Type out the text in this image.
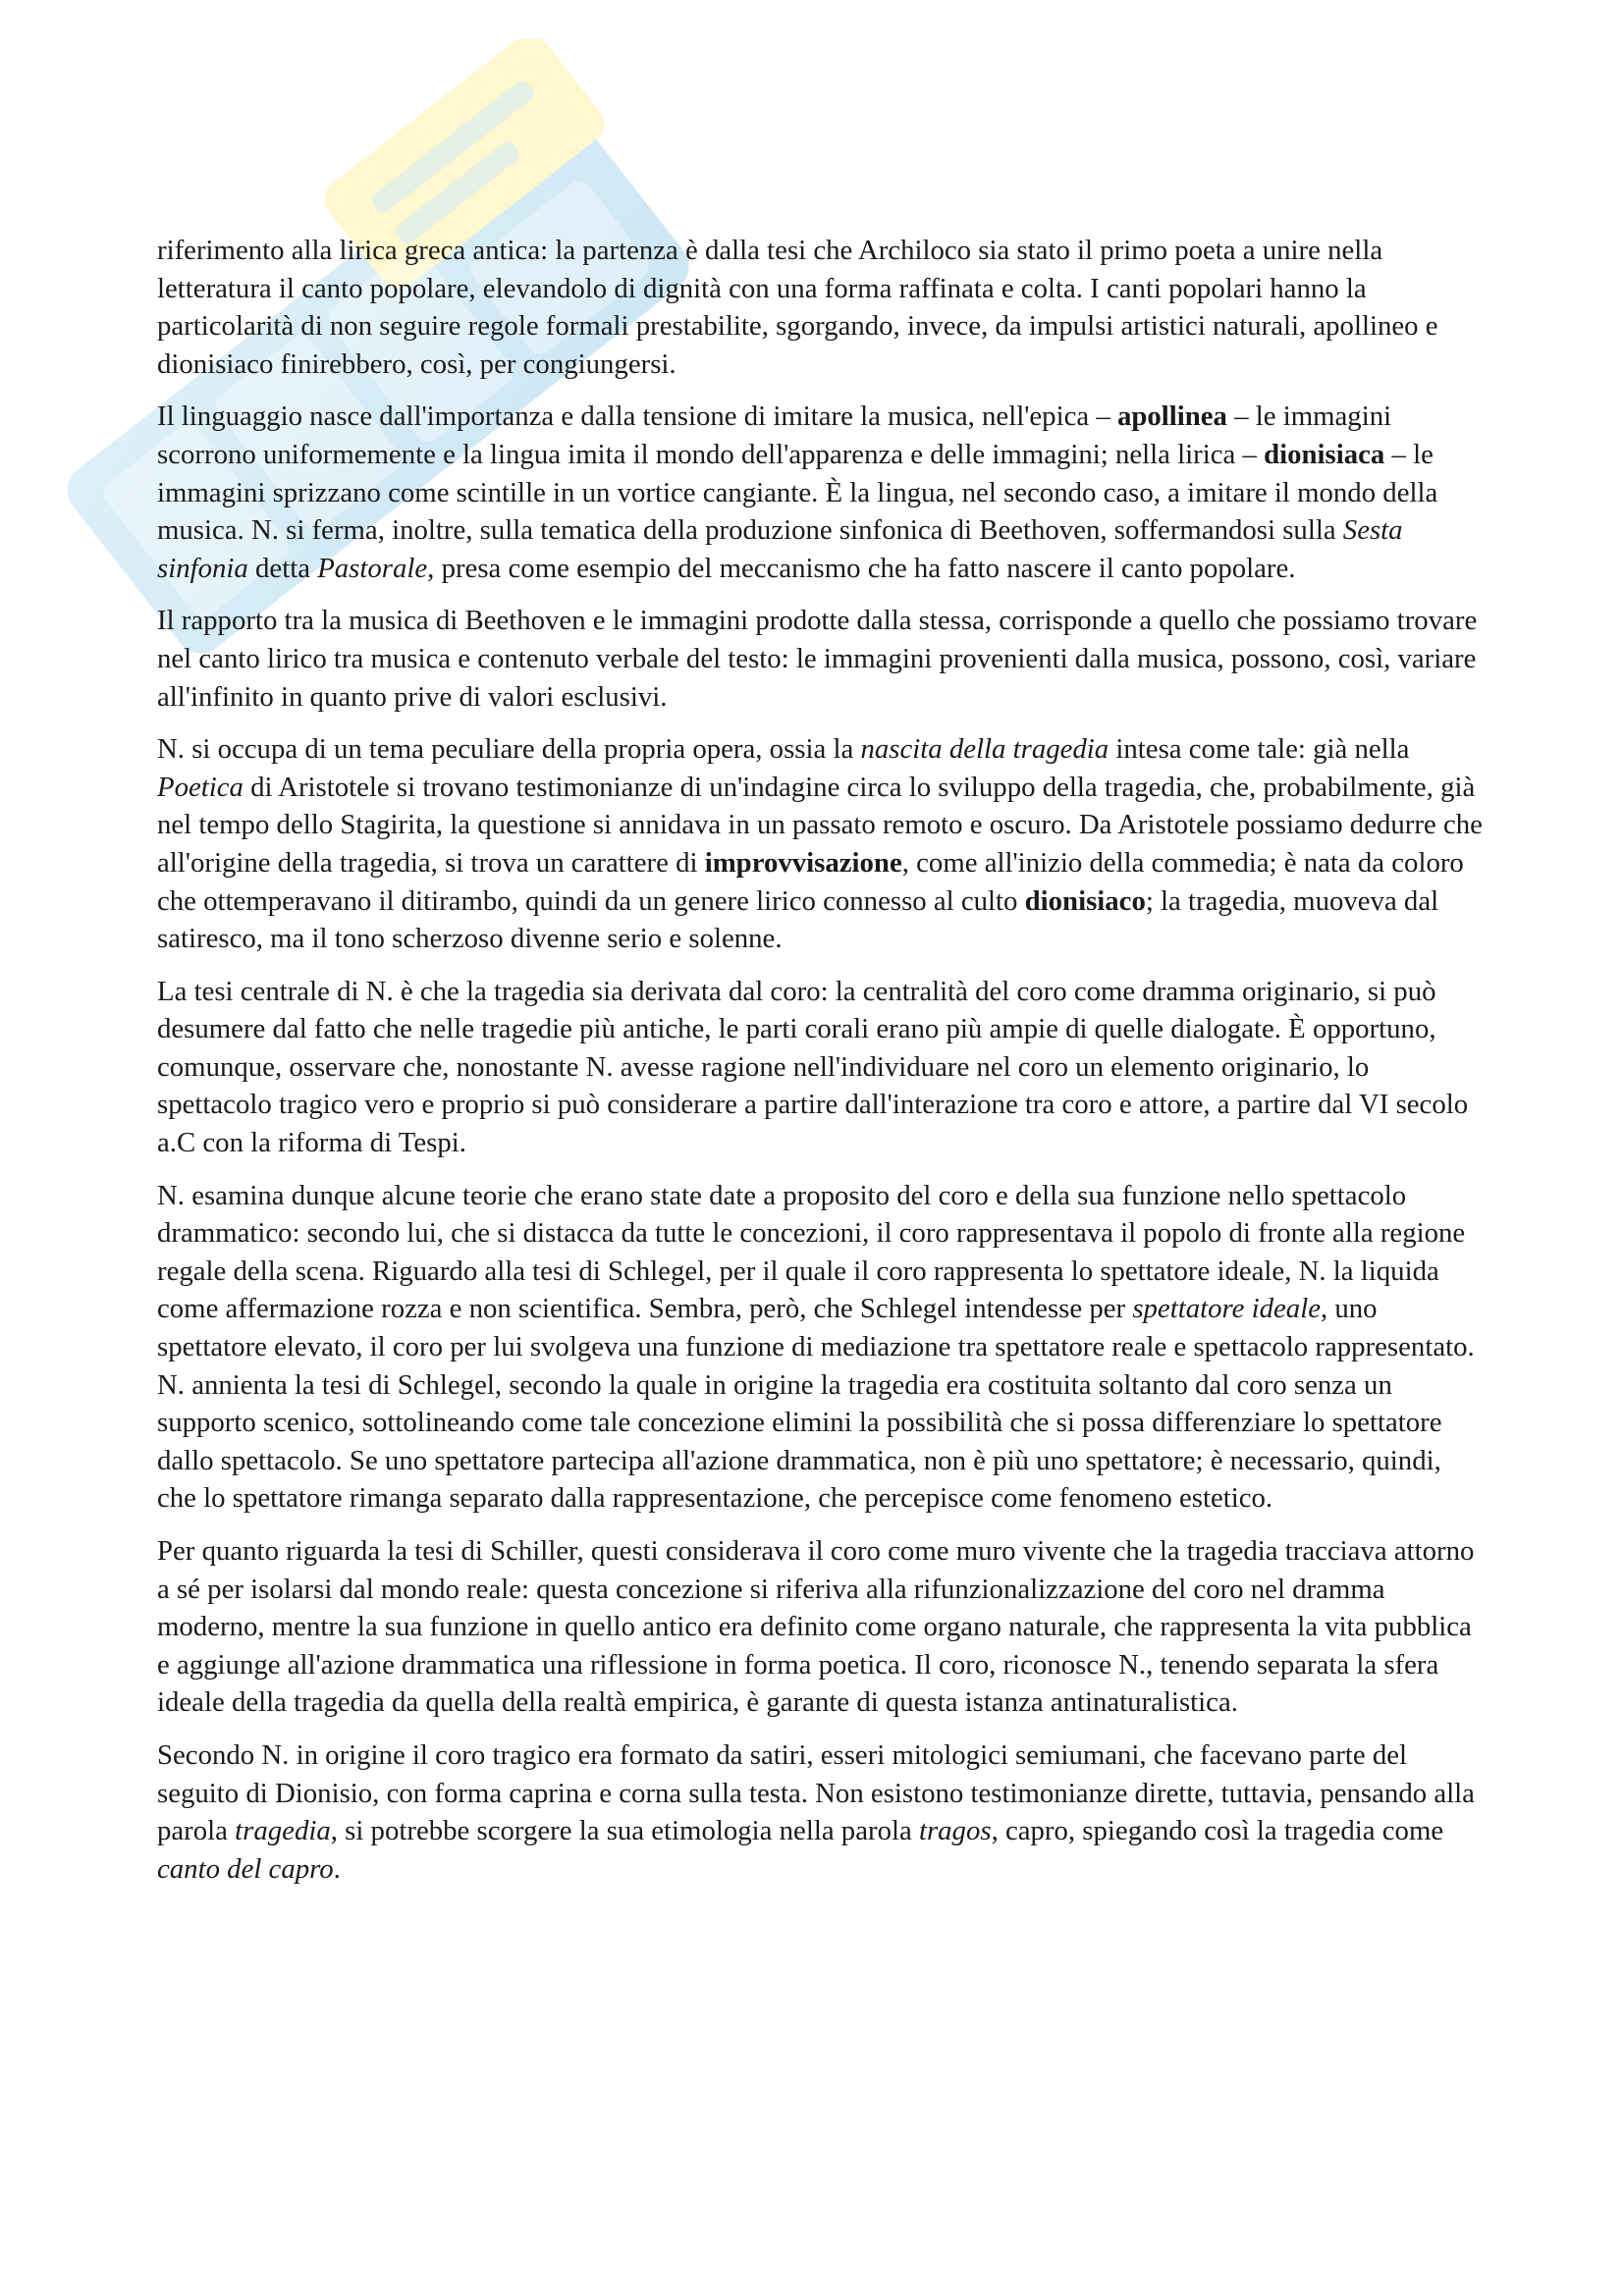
riferimento alla lirica greca antica: la partenza è dalla tesi che Archiloco sia stato il primo poeta a unire nella letteratura il canto popolare, elevandolo di dignità con una forma raffinata e colta. I canti popolari hanno la particolarità di non seguire regole formali prestabilite, sgorgando, invece, da impulsi artistici naturali, apollineo e dionisiaco finirebbero, così, per congiungersi.

Il linguaggio nasce dall'importanza e dalla tensione di imitare la musica, nell'epica – apollinea – le immagini scorrono uniformemente e la lingua imita il mondo dell'apparenza e delle immagini; nella lirica – dionisiaca – le immagini sprizzano come scintille in un vortice cangiante. È la lingua, nel secondo caso, a imitare il mondo della musica. N. si ferma, inoltre, sulla tematica della produzione sinfonica di Beethoven, soffermandosi sulla Sesta sinfonia detta Pastorale, presa come esempio del meccanismo che ha fatto nascere il canto popolare.

Il rapporto tra la musica di Beethoven e le immagini prodotte dalla stessa, corrisponde a quello che possiamo trovare nel canto lirico tra musica e contenuto verbale del testo: le immagini provenienti dalla musica, possono, così, variare all'infinito in quanto prive di valori esclusivi.

N. si occupa di un tema peculiare della propria opera, ossia la nascita della tragedia intesa come tale: già nella Poetica di Aristotele si trovano testimonianze di un'indagine circa lo sviluppo della tragedia, che, probabilmente, già nel tempo dello Stagirita, la questione si annidava in un passato remoto e oscuro. Da Aristotele possiamo dedurre che all'origine della tragedia, si trova un carattere di improvvisazione, come all'inizio della commedia; è nata da coloro che ottemperavano il ditirambo, quindi da un genere lirico connesso al culto dionisiaco; la tragedia, muoveva dal satiresco, ma il tono scherzoso divenne serio e solenne.

La tesi centrale di N. è che la tragedia sia derivata dal coro: la centralità del coro come dramma originario, si può desumere dal fatto che nelle tragedie più antiche, le parti corali erano più ampie di quelle dialogate. È opportuno, comunque, osservare che, nonostante N. avesse ragione nell'individuare nel coro un elemento originario, lo spettacolo tragico vero e proprio si può considerare a partire dall'interazione tra coro e attore, a partire dal VI secolo a.C con la riforma di Tespi.

N. esamina dunque alcune teorie che erano state date a proposito del coro e della sua funzione nello spettacolo drammatico: secondo lui, che si distacca da tutte le concezioni, il coro rappresentava il popolo di fronte alla regione regale della scena. Riguardo alla tesi di Schlegel, per il quale il coro rappresenta lo spettatore ideale, N. la liquida come affermazione rozza e non scientifica. Sembra, però, che Schlegel intendesse per spettatore ideale, uno spettatore elevato, il coro per lui svolgeva una funzione di mediazione tra spettatore reale e spettacolo rappresentato. N. annienta la tesi di Schlegel, secondo la quale in origine la tragedia era costituita soltanto dal coro senza un supporto scenico, sottolineando come tale concezione elimini la possibilità che si possa differenziare lo spettatore dallo spettacolo. Se uno spettatore partecipa all'azione drammatica, non è più uno spettatore; è necessario, quindi, che lo spettatore rimanga separato dalla rappresentazione, che percepisce come fenomeno estetico.

Per quanto riguarda la tesi di Schiller, questi considerava il coro come muro vivente che la tragedia tracciava attorno a sé per isolarsi dal mondo reale: questa concezione si riferiva alla rifunzionalizzazione del coro nel dramma moderno, mentre la sua funzione in quello antico era definito come organo naturale, che rappresenta la vita pubblica e aggiunge all'azione drammatica una riflessione in forma poetica. Il coro, riconosce N., tenendo separata la sfera ideale della tragedia da quella della realtà empirica, è garante di questa istanza antinaturalistica.

Secondo N. in origine il coro tragico era formato da satiri, esseri mitologici semiumani, che facevano parte del seguito di Dionisio, con forma caprina e corna sulla testa. Non esistono testimonianze dirette, tuttavia, pensando alla parola tragedia, si potrebbe scorgere la sua etimologia nella parola tragos, capro, spiegando così la tragedia come canto del capro.
